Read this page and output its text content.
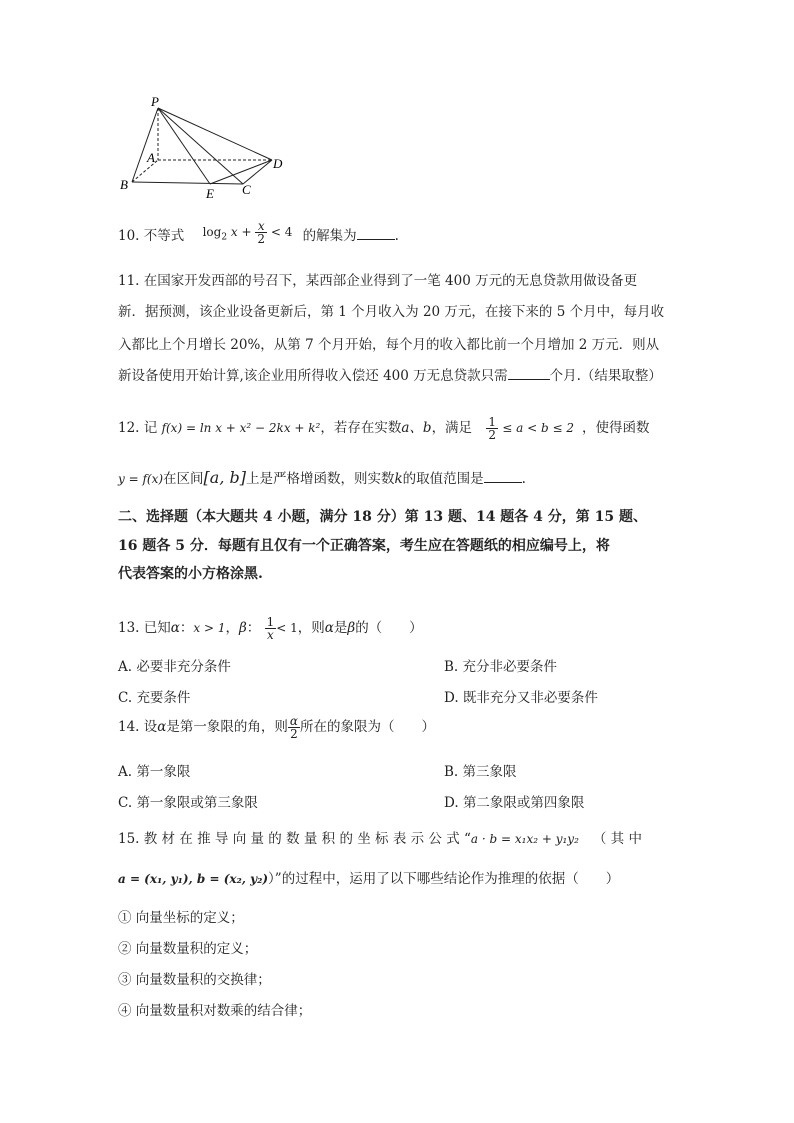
P
A
B
E C
D
10. 不等式 $\log_2 x + \frac{x}{2} < 4$ 的解集为	.
11. 在国家开发西部的号召下，某西部企业得到了一笔 400 万元的无息贷款用做设备更
新．据预测，该企业设备更新后，第 1 个月收入为 20 万元，在接下来的 5 个月中，每月收
入都比上个月增长 20%，从第 7 个月开始，每个月的收入都比前一个月增加 2 万元．则从
新设备使用开始计算,该企业用所得收入偿还 400 万无息贷款只需	个月.（结果取整）
12. 记 f(x) = ln x + x² − 2kx + k²，若存在实数a、b，满足 $\frac{1}{2} \le a < b \le 2$ ，使得函数
y = f(x)在区间[a, b]上是严格增函数，则实数k的取值范围是	.
二、选择题（本大题共 4 小题，满分 18 分）第 13 题、14 题各 4 分，第 15 题、
16 题各 5 分．每题有且仅有一个正确答案，考生应在答题纸的相应编号上，将
代表答案的小方格涂黑.
13. 已知α：x > 1，β： $\frac{1}{x} < 1$，则α是β的（　　）
A. 必要非充分条件	B. 充分非必要条件
C. 充要条件	D. 既非充分又非必要条件
14. 设α是第一象限的角，则 $\frac{\alpha}{2}$ 所在的象限为（　　）
A. 第一象限	B. 第三象限
C. 第一象限或第三象限	D. 第二象限或第四象限
15. 教 材 在 推 导 向 量 的 数 量 积 的 坐 标 表 示 公 式 “a · b = x₁x₂ + y₁y₂ （ 其 中
a = (x₁, y₁), b = (x₂, y₂)）”的过程中，运用了以下哪些结论作为推理的依据（　　）
① 向量坐标的定义；
② 向量数量积的定义；
③ 向量数量积的交换律；
④ 向量数量积对数乘的结合律；
